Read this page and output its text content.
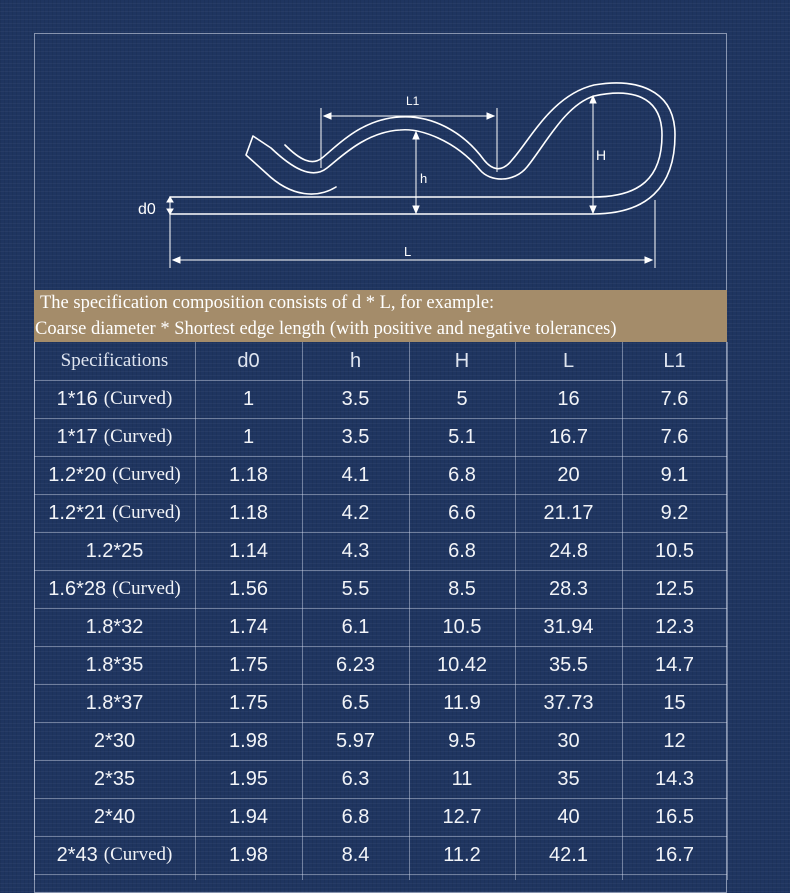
L1
h
H
d0
L
The specification composition consists of d * L, for example:
Coarse diameter * Shortest edge length (with positive and negative tolerances)
Specifications	d0	h	H	L	L1
1*16 (Curved)	1	3.5	5	16	7.6
1*17 (Curved)	1	3.5	5.1	16.7	7.6
1.2*20 (Curved) 1.18	4.1	6.8	20	9.1
1.2*21 (Curved) 1.18	4.2	6.6	21.17	9.2
1.2*25	1.14	4.3	6.8	24.8	10.5
1.6*28 (Curved) 1.56	5.5	8.5	28.3	12.5
1.8*32	1.74	6.1	10.5	31.94	12.3
1.8*35	1.75	6.23	10.42	35.5	14.7
1.8*37	1.75	6.5	11.9	37.73	15
2*30	1.98	5.97	9.5	30	12
2*35	1.95	6.3	11	35	14.3
2*40	1.94	6.8	12.7	40	16.5
2*43 (Curved)	1.98	8.4	11.2	42.1	16.7
